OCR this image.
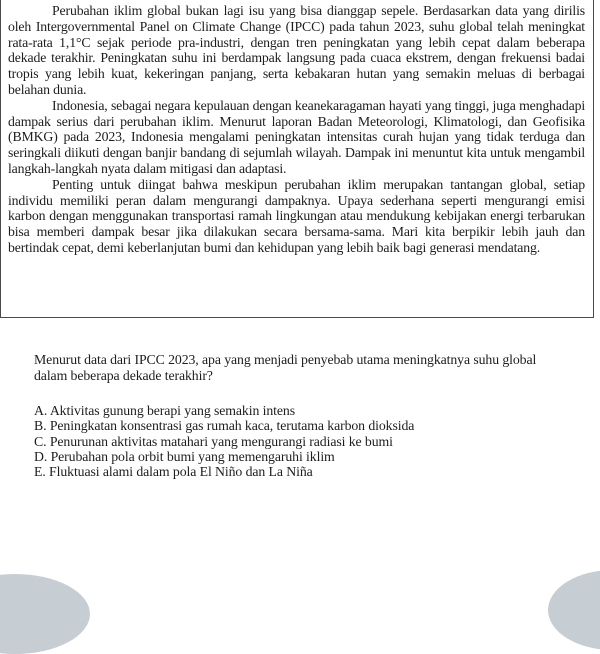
Perubahan iklim global bukan lagi isu yang bisa dianggap sepele. Berdasarkan data yang dirilis oleh Intergovernmental Panel on Climate Change (IPCC) pada tahun 2023, suhu global telah meningkat rata-rata 1,1°C sejak periode pra-industri, dengan tren peningkatan yang lebih cepat dalam beberapa dekade terakhir. Peningkatan suhu ini berdampak langsung pada cuaca ekstrem, dengan frekuensi badai tropis yang lebih kuat, kekeringan panjang, serta kebakaran hutan yang semakin meluas di berbagai belahan dunia.

Indonesia, sebagai negara kepulauan dengan keanekaragaman hayati yang tinggi, juga menghadapi dampak serius dari perubahan iklim. Menurut laporan Badan Meteorologi, Klimatologi, dan Geofisika (BMKG) pada 2023, Indonesia mengalami peningkatan intensitas curah hujan yang tidak terduga dan seringkali diikuti dengan banjir bandang di sejumlah wilayah. Dampak ini menuntut kita untuk mengambil langkah-langkah nyata dalam mitigasi dan adaptasi.

Penting untuk diingat bahwa meskipun perubahan iklim merupakan tantangan global, setiap individu memiliki peran dalam mengurangi dampaknya. Upaya sederhana seperti mengurangi emisi karbon dengan menggunakan transportasi ramah lingkungan atau mendukung kebijakan energi terbarukan bisa memberi dampak besar jika dilakukan secara bersama-sama. Mari kita berpikir lebih jauh dan bertindak cepat, demi keberlanjutan bumi dan kehidupan yang lebih baik bagi generasi mendatang.

Menurut data dari IPCC 2023, apa yang menjadi penyebab utama meningkatnya suhu global dalam beberapa dekade terakhir?

A. Aktivitas gunung berapi yang semakin intens
B. Peningkatan konsentrasi gas rumah kaca, terutama karbon dioksida
C. Penurunan aktivitas matahari yang mengurangi radiasi ke bumi
D. Perubahan pola orbit bumi yang memengaruhi iklim
E. Fluktuasi alami dalam pola El Niño dan La Niña
